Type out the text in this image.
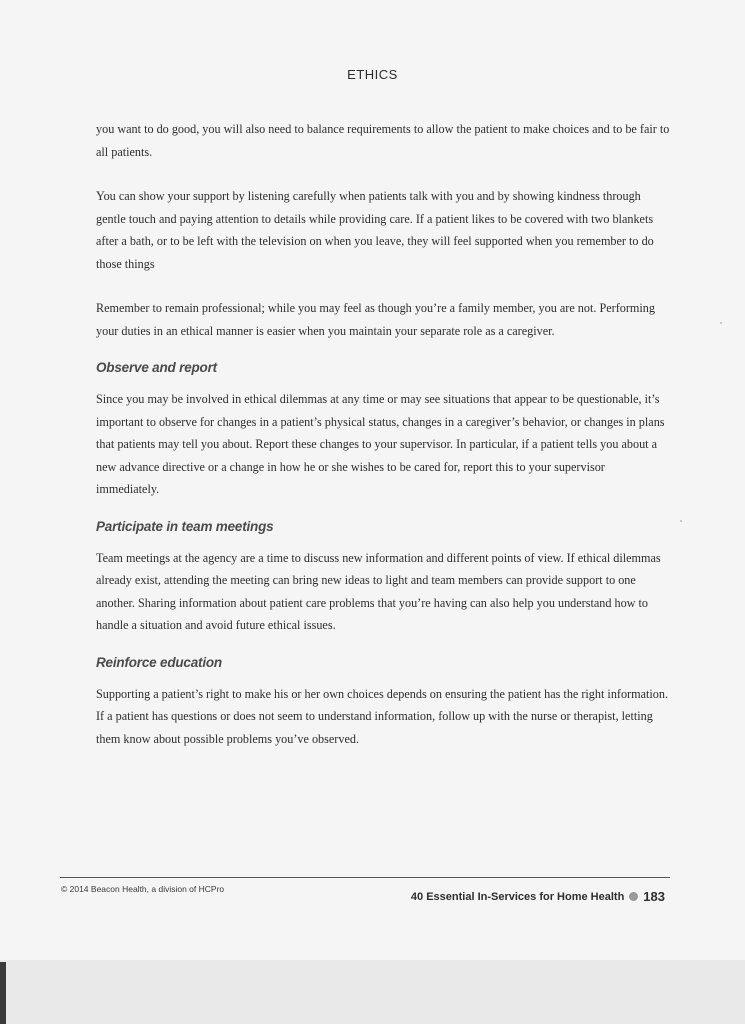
ETHICS

you want to do good, you will also need to balance requirements to allow the patient to make choices and to be fair to all patients.

You can show your support by listening carefully when patients talk with you and by showing kindness through gentle touch and paying attention to details while providing care. If a patient likes to be covered with two blankets after a bath, or to be left with the television on when you leave, they will feel supported when you remember to do those things

Remember to remain professional; while you may feel as though you’re a family member, you are not. Performing your duties in an ethical manner is easier when you maintain your separate role as a caregiver.

Observe and report

Since you may be involved in ethical dilemmas at any time or may see situations that appear to be questionable, it’s important to observe for changes in a patient’s physical status, changes in a caregiver’s behavior, or changes in plans that patients may tell you about. Report these changes to your supervisor. In particular, if a patient tells you about a new advance directive or a change in how he or she wishes to be cared for, report this to your supervisor immediately.

Participate in team meetings

Team meetings at the agency are a time to discuss new information and different points of view. If ethical dilemmas already exist, attending the meeting can bring new ideas to light and team members can provide support to one another. Sharing information about patient care problems that you’re having can also help you understand how to handle a situation and avoid future ethical issues.

Reinforce education

Supporting a patient’s right to make his or her own choices depends on ensuring the patient has the right information. If a patient has questions or does not seem to understand information, follow up with the nurse or therapist, letting them know about possible problems you’ve observed.

© 2014 Beacon Health, a division of HCPro
40 Essential In-Services for Home Health 183
